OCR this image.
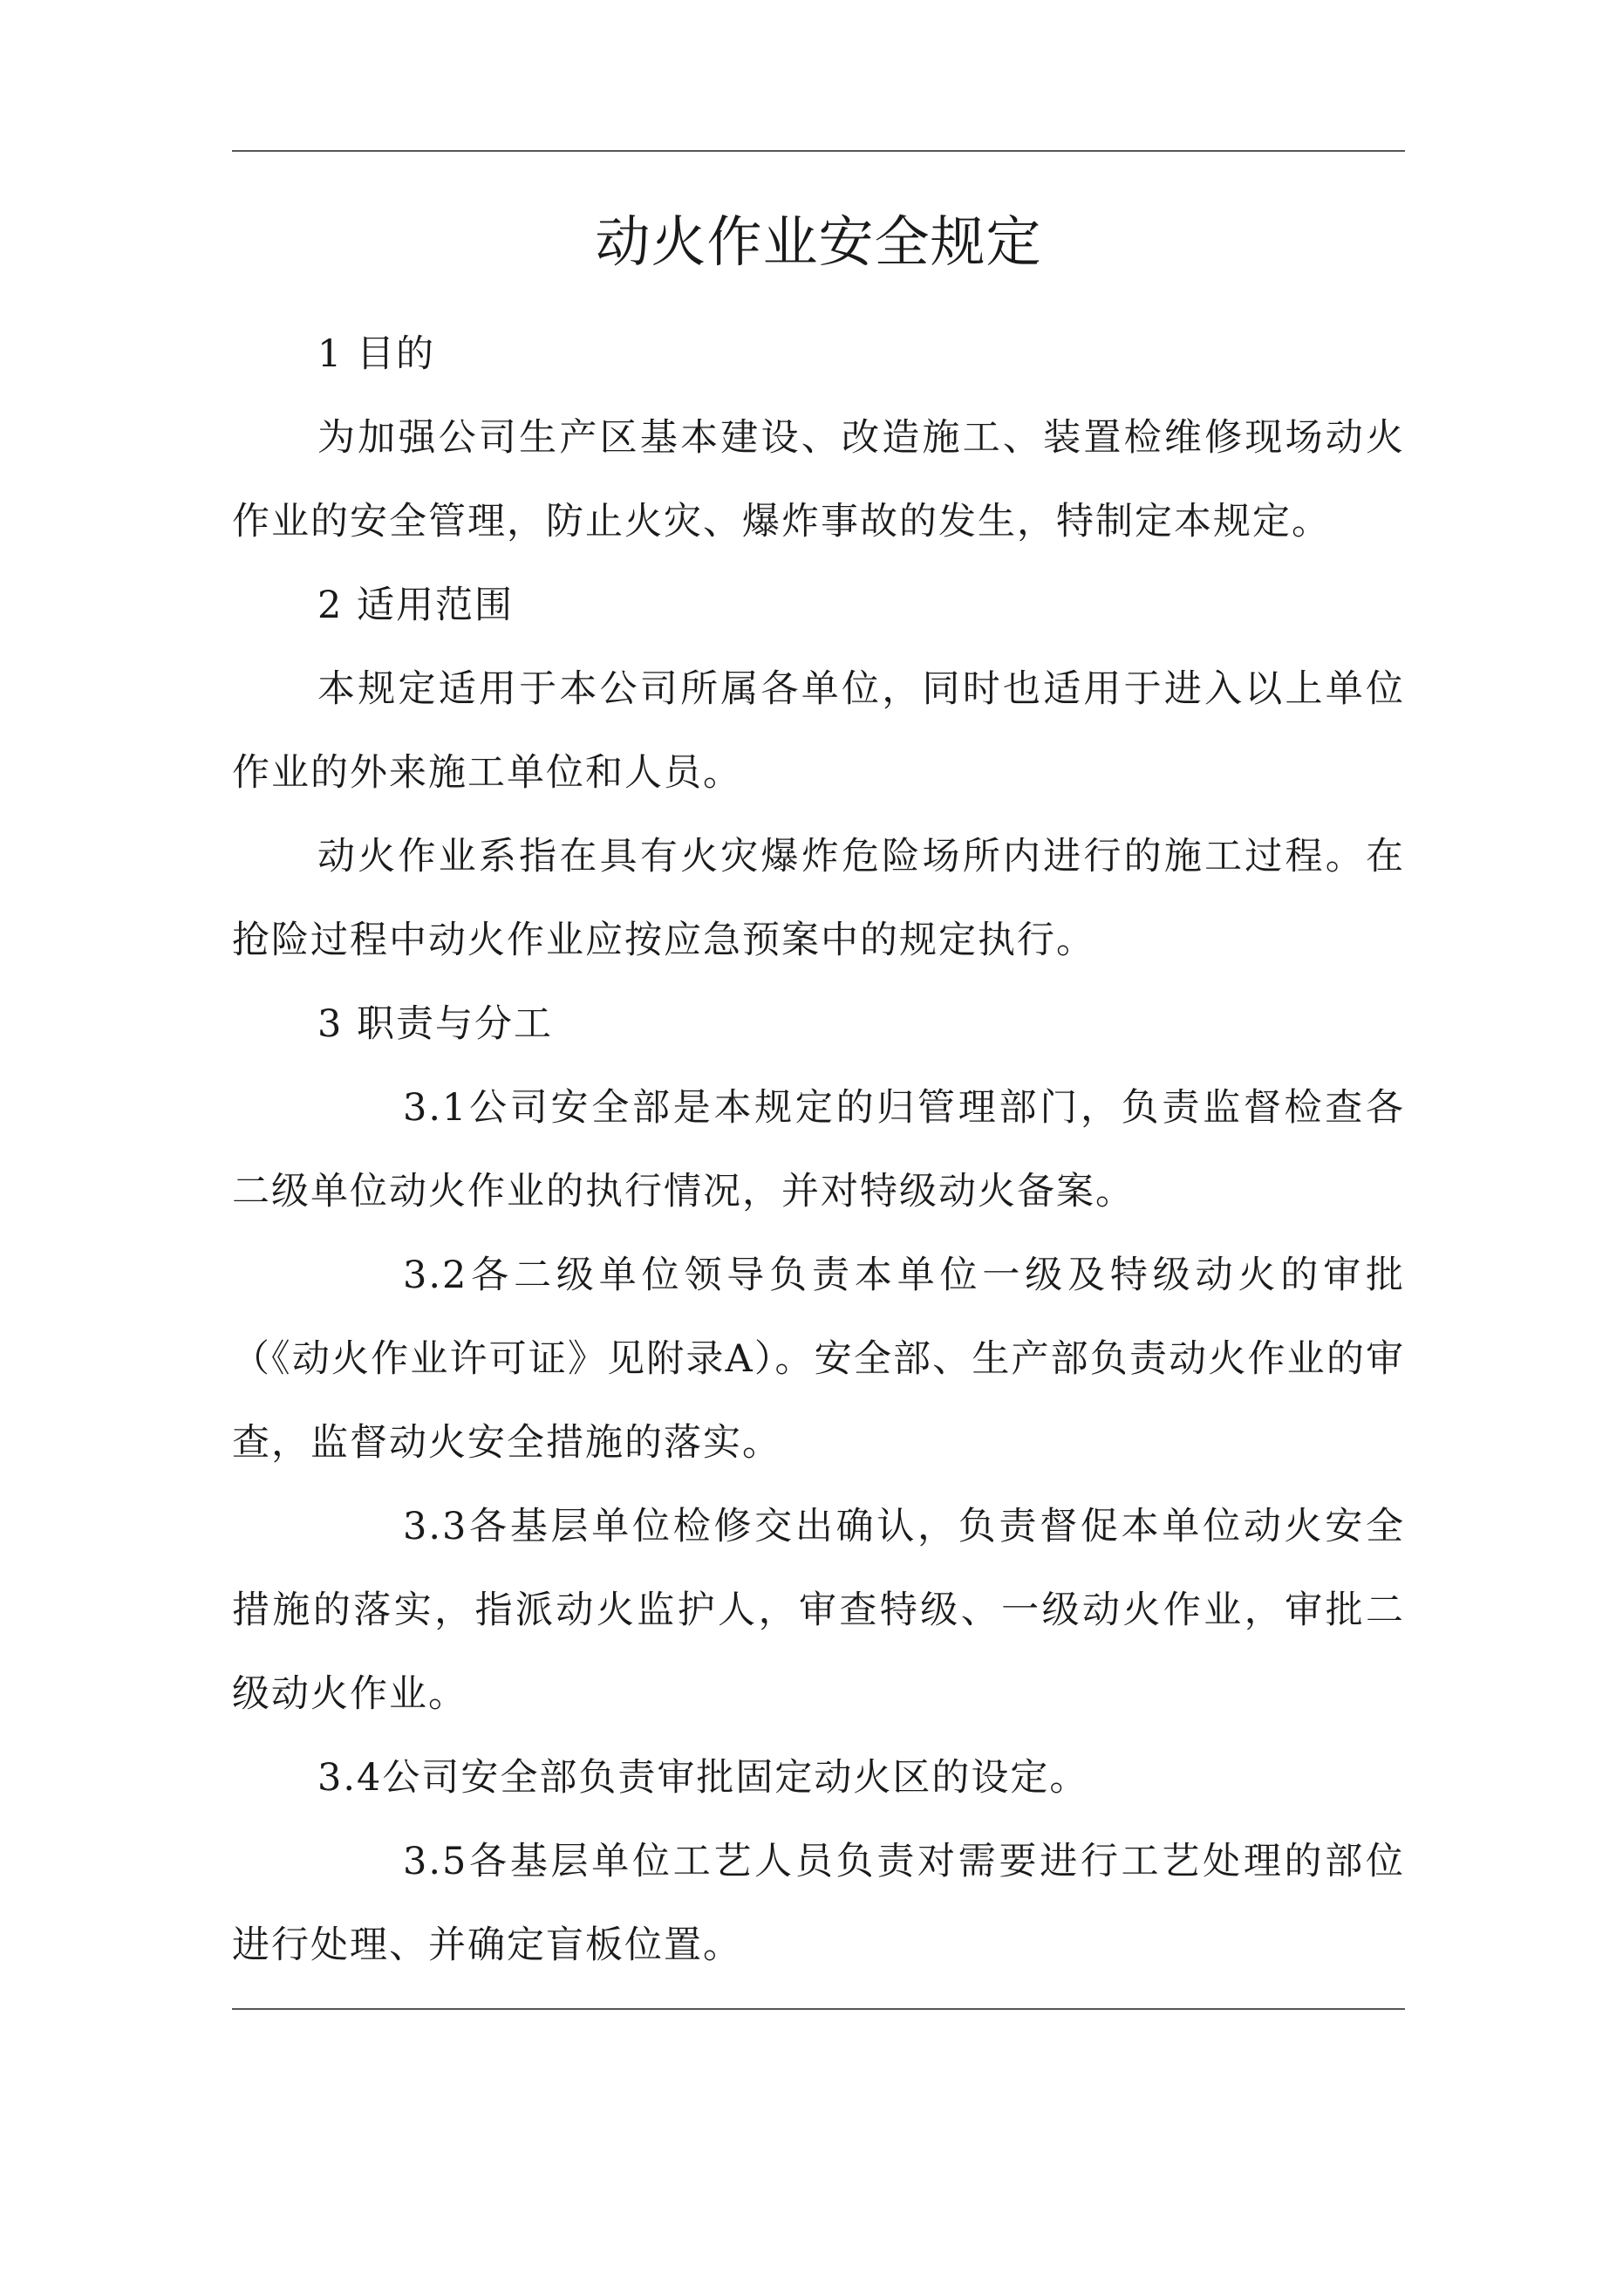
动火作业安全规定

1 目的

为加强公司生产区基本建设、改造施工、装置检维修现场动火作业的安全管理，防止火灾、爆炸事故的发生，特制定本规定。

2 适用范围

本规定适用于本公司所属各单位，同时也适用于进入以上单位作业的外来施工单位和人员。

动火作业系指在具有火灾爆炸危险场所内进行的施工过程。在抢险过程中动火作业应按应急预案中的规定执行。

3 职责与分工

3.1公司安全部是本规定的归管理部门，负责监督检查各二级单位动火作业的执行情况，并对特级动火备案。

3.2各二级单位领导负责本单位一级及特级动火的审批（《动火作业许可证》见附录A）。安全部、生产部负责动火作业的审查，监督动火安全措施的落实。

3.3各基层单位检修交出确认，负责督促本单位动火安全措施的落实，指派动火监护人，审查特级、一级动火作业，审批二级动火作业。

3.4公司安全部负责审批固定动火区的设定。

3.5各基层单位工艺人员负责对需要进行工艺处理的部位进行处理、并确定盲板位置。
